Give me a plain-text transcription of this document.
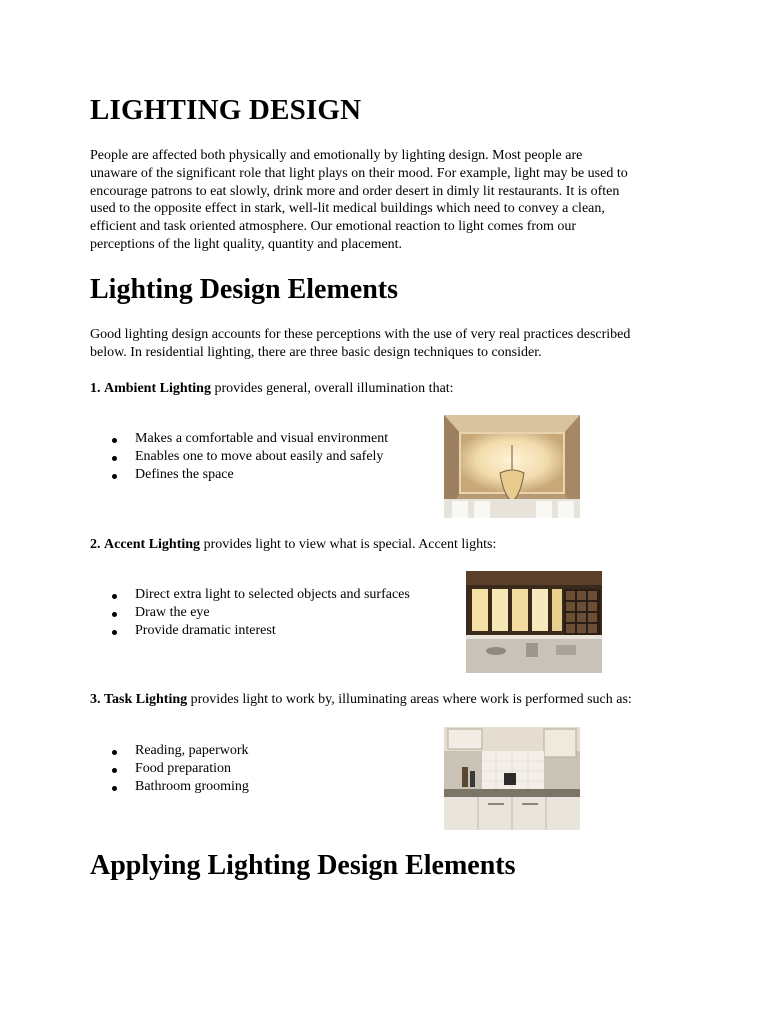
LIGHTING DESIGN

People are affected both physically and emotionally by lighting design. Most people are
unaware of the significant role that light plays on their mood. For example, light may be used to
encourage patrons to eat slowly, drink more and order desert in dimly lit restaurants. It is often
used to the opposite effect in stark, well-lit medical buildings which need to convey a clean,
efficient and task oriented atmosphere. Our emotional reaction to light comes from our
perceptions of the light quality, quantity and placement.

Lighting Design Elements

Good lighting design accounts for these perceptions with the use of very real practices described
below. In residential lighting, there are three basic design techniques to consider.

1. Ambient Lighting provides general, overall illumination that:

Makes a comfortable and visual environment
Enables one to move about easily and safely
Defines the space

2. Accent Lighting provides light to view what is special. Accent lights:

Direct extra light to selected objects and surfaces
Draw the eye
Provide dramatic interest

3. Task Lighting provides light to work by, illuminating areas where work is performed such as:

Reading, paperwork
Food preparation
Bathroom grooming
Applying Lighting Design Elements
